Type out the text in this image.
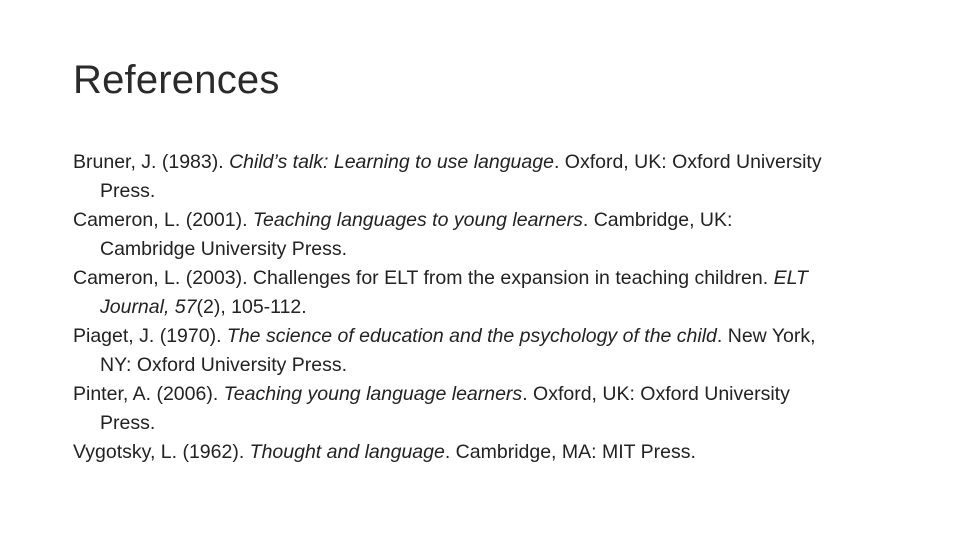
References
Bruner, J. (1983). Child’s talk: Learning to use language. Oxford, UK: Oxford University Press.
Cameron, L. (2001). Teaching languages to young learners. Cambridge, UK: Cambridge University Press.
Cameron, L. (2003). Challenges for ELT from the expansion in teaching children. ELT Journal, 57(2), 105-112.
Piaget, J. (1970). The science of education and the psychology of the child. New York, NY: Oxford University Press.
Pinter, A. (2006). Teaching young language learners. Oxford, UK: Oxford University Press.
Vygotsky, L. (1962). Thought and language. Cambridge, MA: MIT Press.
